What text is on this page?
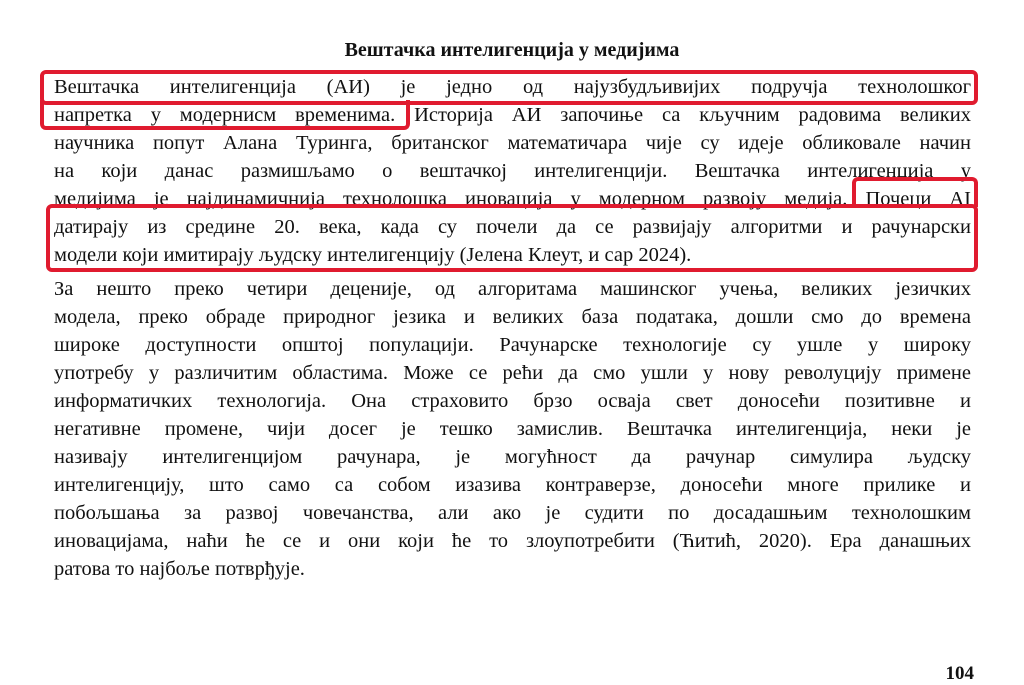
Вештачка интелигенција у медијима

Вештачка интелигенција (АИ) је једно од најузбудљивијих подручја технолошког
напретка у модернисм временима. Историја АИ започиње са кључним радовима великих
научника попут Алана Туринга, британског математичара чије су идеје обликовале начин
на који данас размишљамо о вештачкој интелигенцији. Вештачка интелигенција у
медијима је најдинамичнија технолошка иновација у модерном развоју медија. Почеци АI
датирају из средине 20. века, када су почели да се развијају алгоритми и рачунарски
модели који имитирају људску интелигенцију (Јелена Клеут, и сар 2024).

За нешто преко четири деценије, од алгоритама машинског учења, великих језичких
модела, преко обраде природног језика и великих база података, дошли смо до времена
широке доступности општој популацији. Рачунарске технологије су ушле у широку
употребу у различитим областима. Може се рећи да смо ушли у нову револуцију примене
информатичких технологија. Она страховито брзо осваја свет доносећи позитивне и
негативне промене, чији досег је тешко замислив. Вештачка интелигенција, неки је
називају интелигенцијом рачунара, је могућност да рачунар симулира људску
интелигенцију, што само са собом изазива контраверзе, доносећи многе прилике и
побољшања за развој човечанства, али ако је судити по досадашњим технолошким
иновацијама, наћи ће се и они који ће то злоупотребити (Ћитић, 2020). Ера данашњих
ратова то најбоље потврђује.

104
